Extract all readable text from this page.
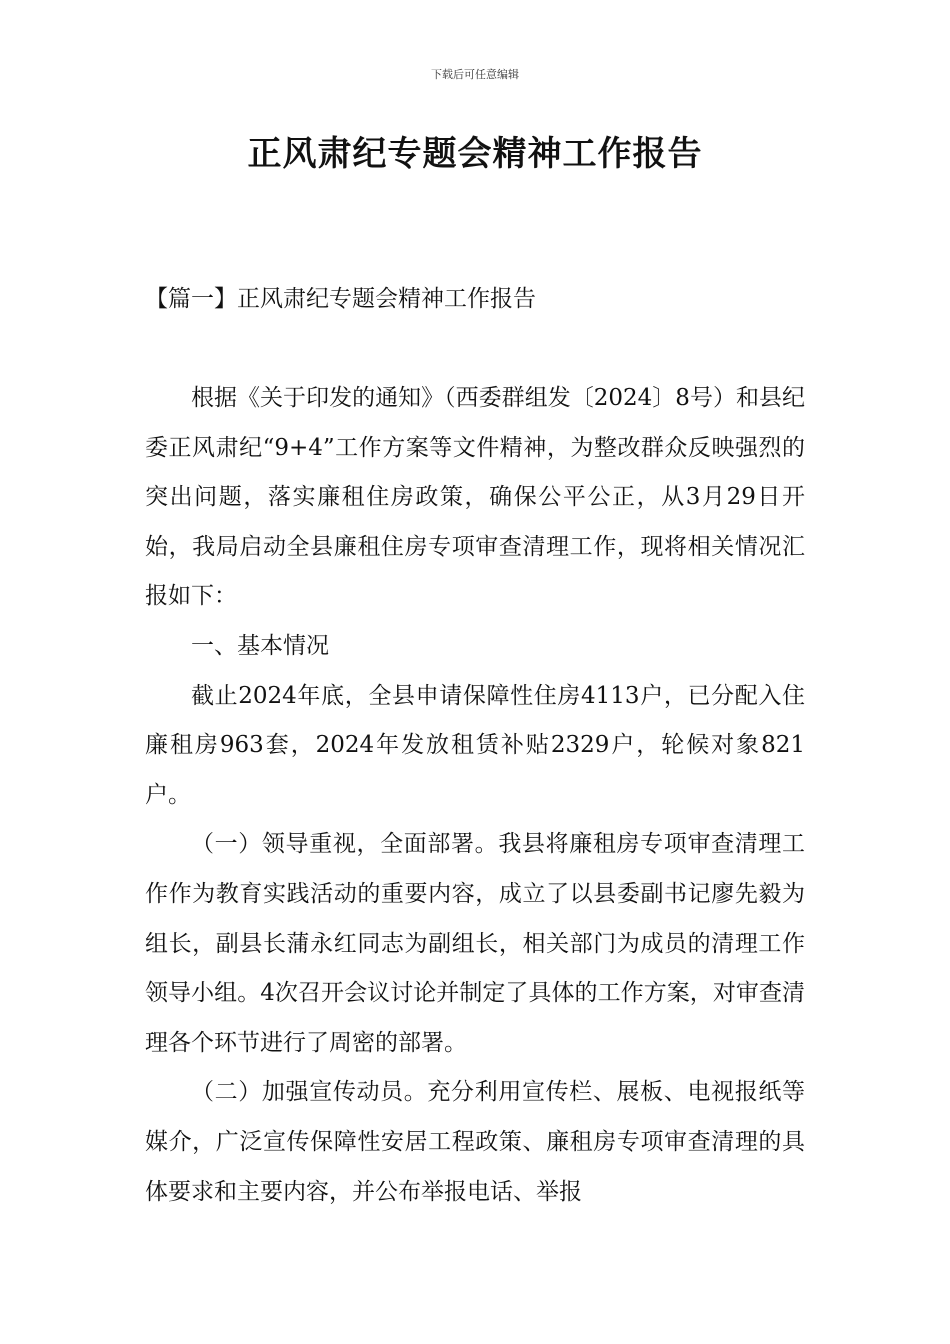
下载后可任意编辑
正风肃纪专题会精神工作报告
【篇一】正风肃纪专题会精神工作报告

根据《关于印发的通知》（西委群组发〔2024〕8号）和县纪委正风肃纪“9+4”工作方案等文件精神，为整改群众反映强烈的突出问题，落实廉租住房政策，确保公平公正，从3月29日开始，我局启动全县廉租住房专项审查清理工作，现将相关情况汇报如下：

一、基本情况

截止2024年底，全县申请保障性住房4113户，已分配入住廉租房963套，2024年发放租赁补贴2329户，轮候对象821户。

（一）领导重视，全面部署。我县将廉租房专项审查清理工作作为教育实践活动的重要内容，成立了以县委副书记廖先毅为组长，副县长蒲永红同志为副组长，相关部门为成员的清理工作领导小组。4次召开会议讨论并制定了具体的工作方案，对审查清理各个环节进行了周密的部署。

（二）加强宣传动员。充分利用宣传栏、展板、电视报纸等媒介，广泛宣传保障性安居工程政策、廉租房专项审查清理的具体要求和主要内容，并公布举报电话、举报
